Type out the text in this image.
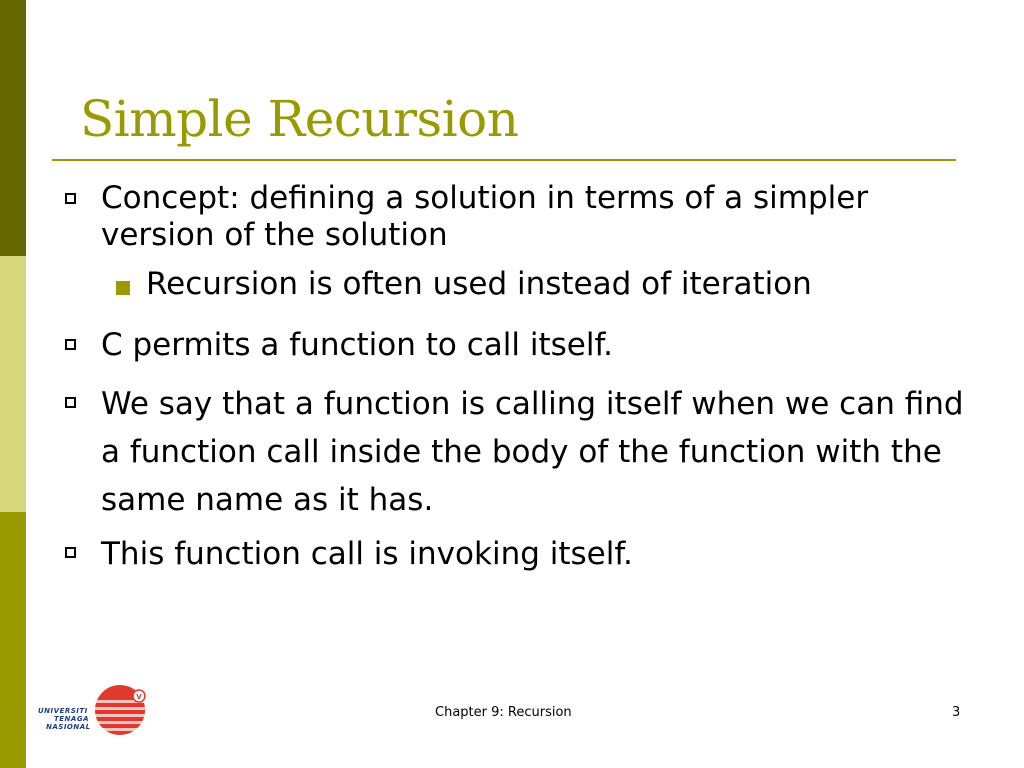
Simple Recursion
Concept: defining a solution in terms of a simpler version of the solution
Recursion is often used instead of iteration
C permits a function to call itself.
We say that a function is calling itself when we can find a function call inside the body of the function with the same name as it has.
This function call is invoking itself.
V
UNIVERSITI
TENAGA
NASIONAL
Chapter 9: Recursion	3
